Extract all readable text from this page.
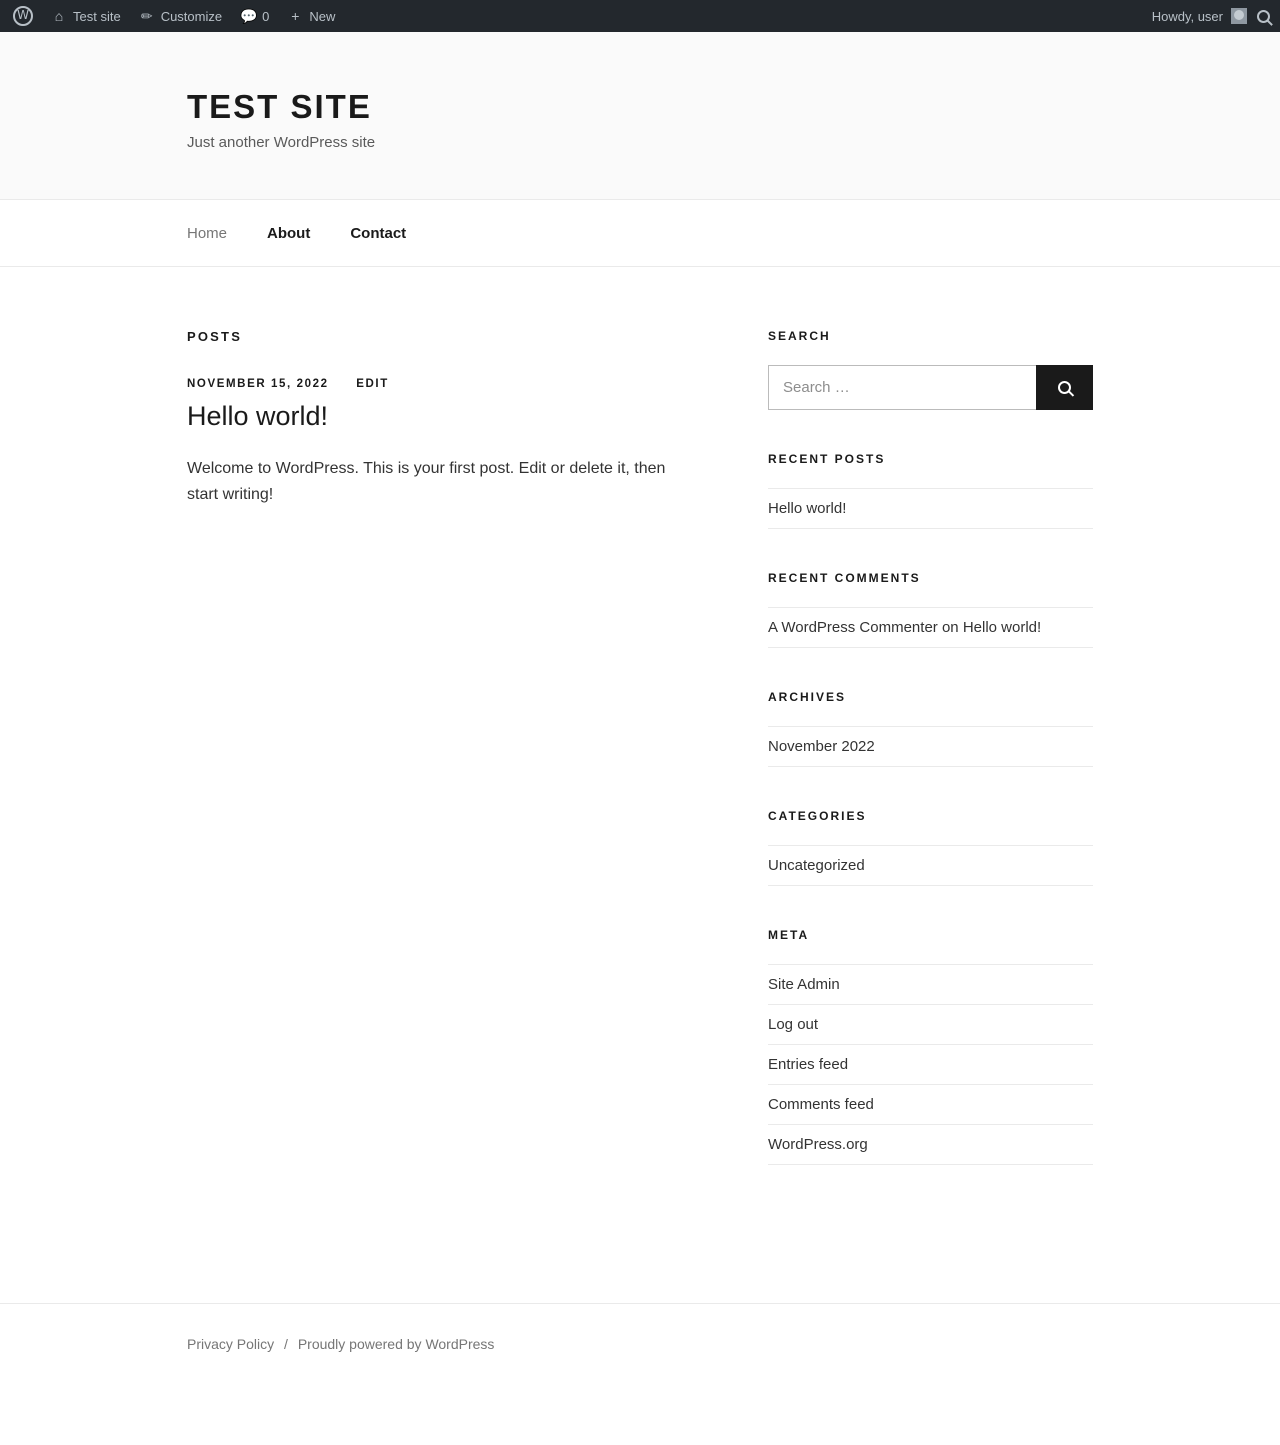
W
⌂ Test site ✏ Customize 💬 0 + New	Howdy, user
TEST SITE

Just another WordPress site

Home	About	Contact
POSTS
NOVEMBER 15, 2022 EDIT
Hello world!

Welcome to WordPress. This is your first post. Edit or delete it, then start writing!

SEARCH
Search …
RECENT POSTS
Hello world!
RECENT COMMENTS
A WordPress Commenter on Hello world!
ARCHIVES
November 2022
CATEGORIES
Uncategorized
META
Site Admin
Log out
Entries feed
Comments feed
WordPress.org
Privacy Policy / Proudly powered by WordPress
